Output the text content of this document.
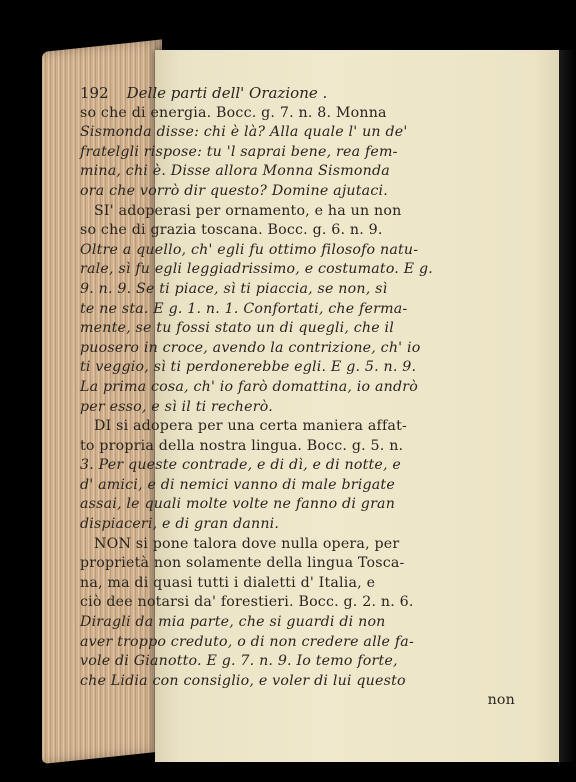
192 Delle parti dell' Orazione .
so che di energia. Bocc. g. 7. n. 8. Monna
Sismonda disse: chi è là? Alla quale l' un de'
fratelgli rispose: tu 'l saprai bene, rea fem-
mina, chi è. Disse allora Monna Sismonda
ora che vorrò dir questo? Domine ajutaci.
SI' adoperasi per ornamento, e ha un non
so che di grazia toscana. Bocc. g. 6. n. 9.
Oltre a quello, ch' egli fu ottimo filosofo natu-
rale, sì fu egli leggiadrissimo, e costumato. E g.
9. n. 9. Se ti piace, sì ti piaccia, se non, sì
te ne sta. E g. 1. n. 1. Confortati, che ferma-
mente, se tu fossi stato un di quegli, che il
puosero in croce, avendo la contrizione, ch' io
ti veggio, sì ti perdonerebbe egli. E g. 5. n. 9.
La prima cosa, ch' io farò domattina, io andrò
per esso, e sì il ti recherò.
DI si adopera per una certa maniera affat-
to propria della nostra lingua. Bocc. g. 5. n.
3. Per queste contrade, e di dì, e di notte, e
d' amici, e di nemici vanno di male brigate
assai, le quali molte volte ne fanno di gran
dispiaceri, e di gran danni.
NON si pone talora dove nulla opera, per
proprietà non solamente della lingua Tosca-
na, ma di quasi tutti i dialetti d' Italia, e
ciò dee notarsi da' forestieri. Bocc. g. 2. n. 6.
Diragli da mia parte, che si guardi di non
aver troppo creduto, o di non credere alle fa-
vole di Gianotto. E g. 7. n. 9. Io temo forte,
che Lidia con consiglio, e voler di lui questo
non
